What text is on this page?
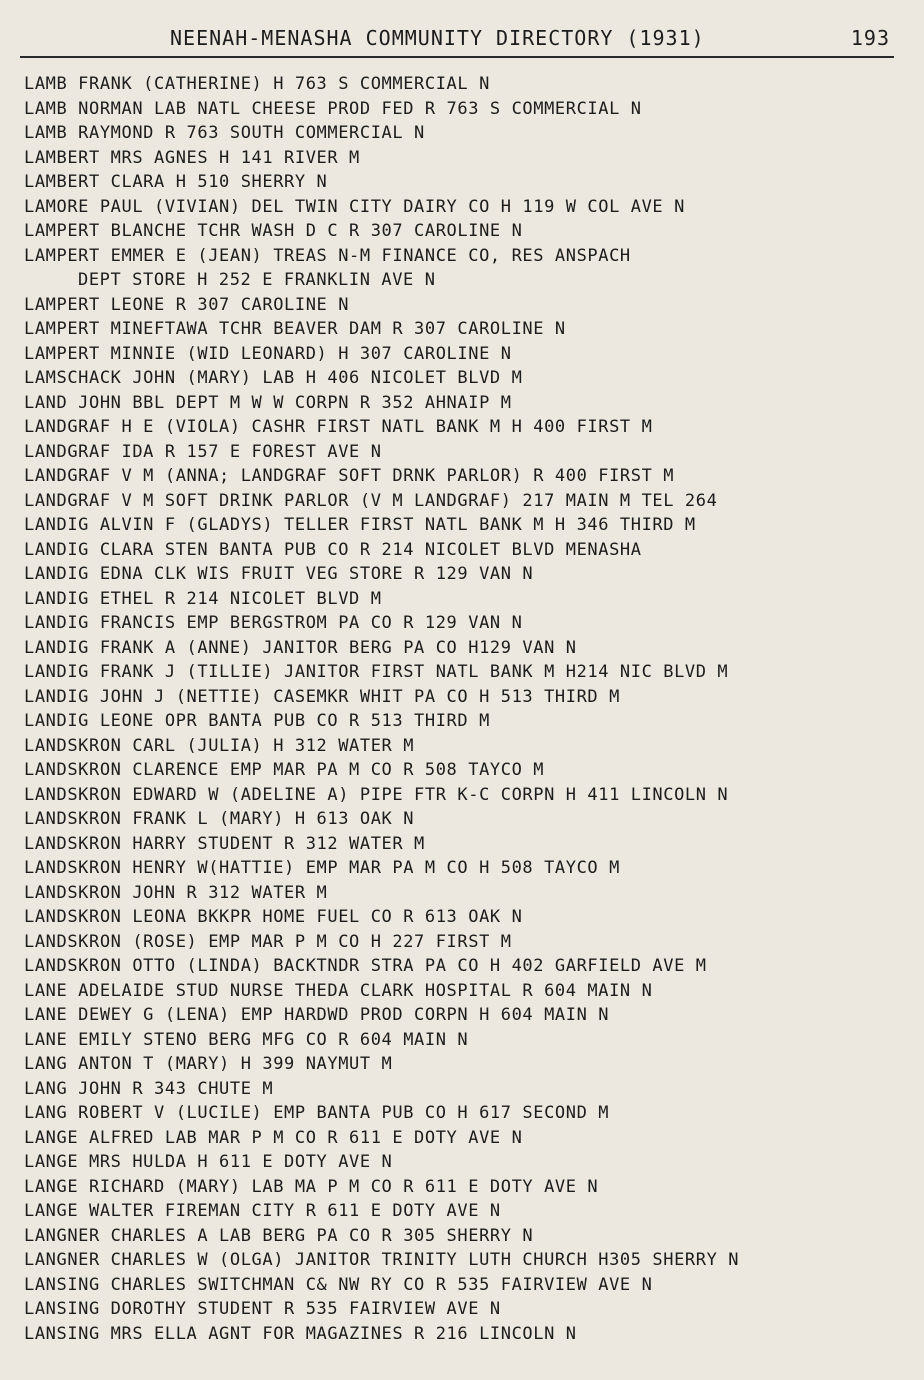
NEENAH-MENASHA COMMUNITY DIRECTORY (1931)	193
LAMB FRANK (CATHERINE) H 763 S COMMERCIAL N
LAMB NORMAN LAB NATL CHEESE PROD FED R 763 S COMMERCIAL N
LAMB RAYMOND R 763 SOUTH COMMERCIAL N
LAMBERT MRS AGNES H 141 RIVER M
LAMBERT CLARA H 510 SHERRY N
LAMORE PAUL (VIVIAN) DEL TWIN CITY DAIRY CO H 119 W COL AVE N
LAMPERT BLANCHE TCHR WASH D C R 307 CAROLINE N
LAMPERT EMMER E (JEAN) TREAS N-M FINANCE CO, RES ANSPACH
DEPT STORE H 252 E FRANKLIN AVE N
LAMPERT LEONE R 307 CAROLINE N
LAMPERT MINEFTAWA TCHR BEAVER DAM R 307 CAROLINE N
LAMPERT MINNIE (WID LEONARD) H 307 CAROLINE N
LAMSCHACK JOHN (MARY) LAB H 406 NICOLET BLVD M
LAND JOHN BBL DEPT M W W CORPN R 352 AHNAIP M
LANDGRAF H E (VIOLA) CASHR FIRST NATL BANK M H 400 FIRST M
LANDGRAF IDA R 157 E FOREST AVE N
LANDGRAF V M (ANNA; LANDGRAF SOFT DRNK PARLOR) R 400 FIRST M
LANDGRAF V M SOFT DRINK PARLOR (V M LANDGRAF) 217 MAIN M TEL 264
LANDIG ALVIN F (GLADYS) TELLER FIRST NATL BANK M H 346 THIRD M
LANDIG CLARA STEN BANTA PUB CO R 214 NICOLET BLVD MENASHA
LANDIG EDNA CLK WIS FRUIT VEG STORE R 129 VAN N
LANDIG ETHEL R 214 NICOLET BLVD M
LANDIG FRANCIS EMP BERGSTROM PA CO R 129 VAN N
LANDIG FRANK A (ANNE) JANITOR BERG PA CO H129 VAN N
LANDIG FRANK J (TILLIE) JANITOR FIRST NATL BANK M H214 NIC BLVD M
LANDIG JOHN J (NETTIE) CASEMKR WHIT PA CO H 513 THIRD M
LANDIG LEONE OPR BANTA PUB CO R 513 THIRD M
LANDSKRON CARL (JULIA) H 312 WATER M
LANDSKRON CLARENCE EMP MAR PA M CO R 508 TAYCO M
LANDSKRON EDWARD W (ADELINE A) PIPE FTR K-C CORPN H 411 LINCOLN N
LANDSKRON FRANK L (MARY) H 613 OAK N
LANDSKRON HARRY STUDENT R 312 WATER M
LANDSKRON HENRY W(HATTIE) EMP MAR PA M CO H 508 TAYCO M
LANDSKRON JOHN R 312 WATER M
LANDSKRON LEONA BKKPR HOME FUEL CO R 613 OAK N
LANDSKRON (ROSE) EMP MAR P M CO H 227 FIRST M
LANDSKRON OTTO (LINDA) BACKTNDR STRA PA CO H 402 GARFIELD AVE M
LANE ADELAIDE STUD NURSE THEDA CLARK HOSPITAL R 604 MAIN N
LANE DEWEY G (LENA) EMP HARDWD PROD CORPN H 604 MAIN N
LANE EMILY STENO BERG MFG CO R 604 MAIN N
LANG ANTON T (MARY) H 399 NAYMUT M
LANG JOHN R 343 CHUTE M
LANG ROBERT V (LUCILE) EMP BANTA PUB CO H 617 SECOND M
LANGE ALFRED LAB MAR P M CO R 611 E DOTY AVE N
LANGE MRS HULDA H 611 E DOTY AVE N
LANGE RICHARD (MARY) LAB MA P M CO R 611 E DOTY AVE N
LANGE WALTER FIREMAN CITY R 611 E DOTY AVE N
LANGNER CHARLES A LAB BERG PA CO R 305 SHERRY N
LANGNER CHARLES W (OLGA) JANITOR TRINITY LUTH CHURCH H305 SHERRY N
LANSING CHARLES SWITCHMAN C& NW RY CO R 535 FAIRVIEW AVE N
LANSING DOROTHY STUDENT R 535 FAIRVIEW AVE N
LANSING MRS ELLA AGNT FOR MAGAZINES R 216 LINCOLN N
